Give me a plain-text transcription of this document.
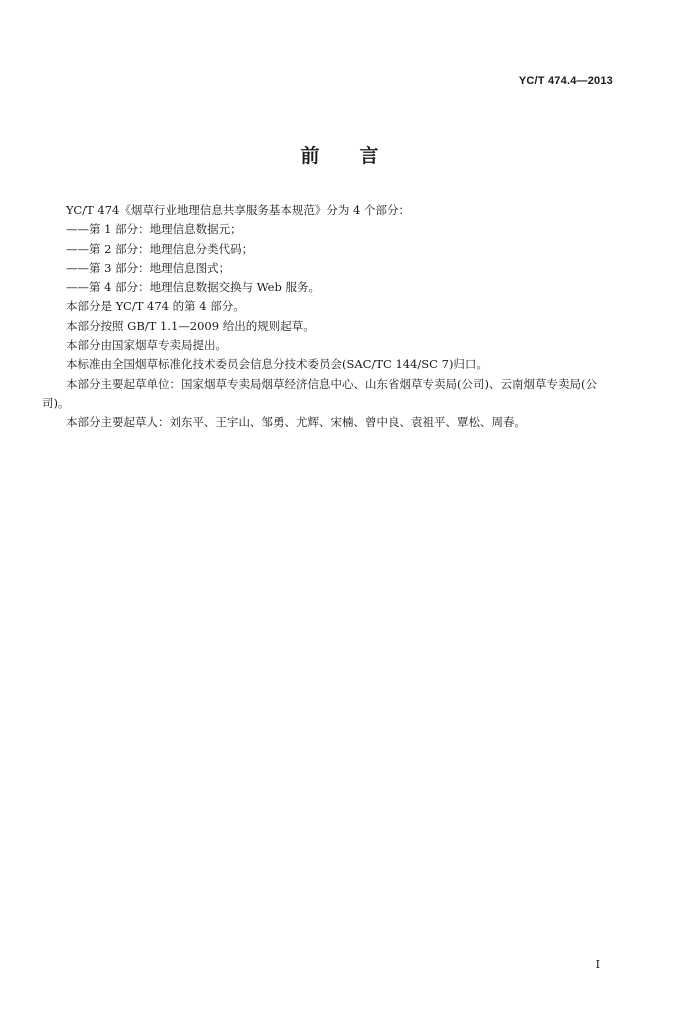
YC/T 474.4—2013
前言

YC/T 474《烟草行业地理信息共享服务基本规范》分为 4 个部分：

——第 1 部分：地理信息数据元；

——第 2 部分：地理信息分类代码；

——第 3 部分：地理信息图式；

——第 4 部分：地理信息数据交换与 Web 服务。

本部分是 YC/T 474 的第 4 部分。

本部分按照 GB/T 1.1—2009 给出的规则起草。

本部分由国家烟草专卖局提出。

本标准由全国烟草标准化技术委员会信息分技术委员会(SAC/TC 144/SC 7)归口。

本部分主要起草单位：国家烟草专卖局烟草经济信息中心、山东省烟草专卖局(公司)、云南烟草专卖局(公司)。

本部分主要起草人：刘东平、王宇山、邹勇、尤辉、宋楠、曾中良、袁祖平、覃松、周春。

I
